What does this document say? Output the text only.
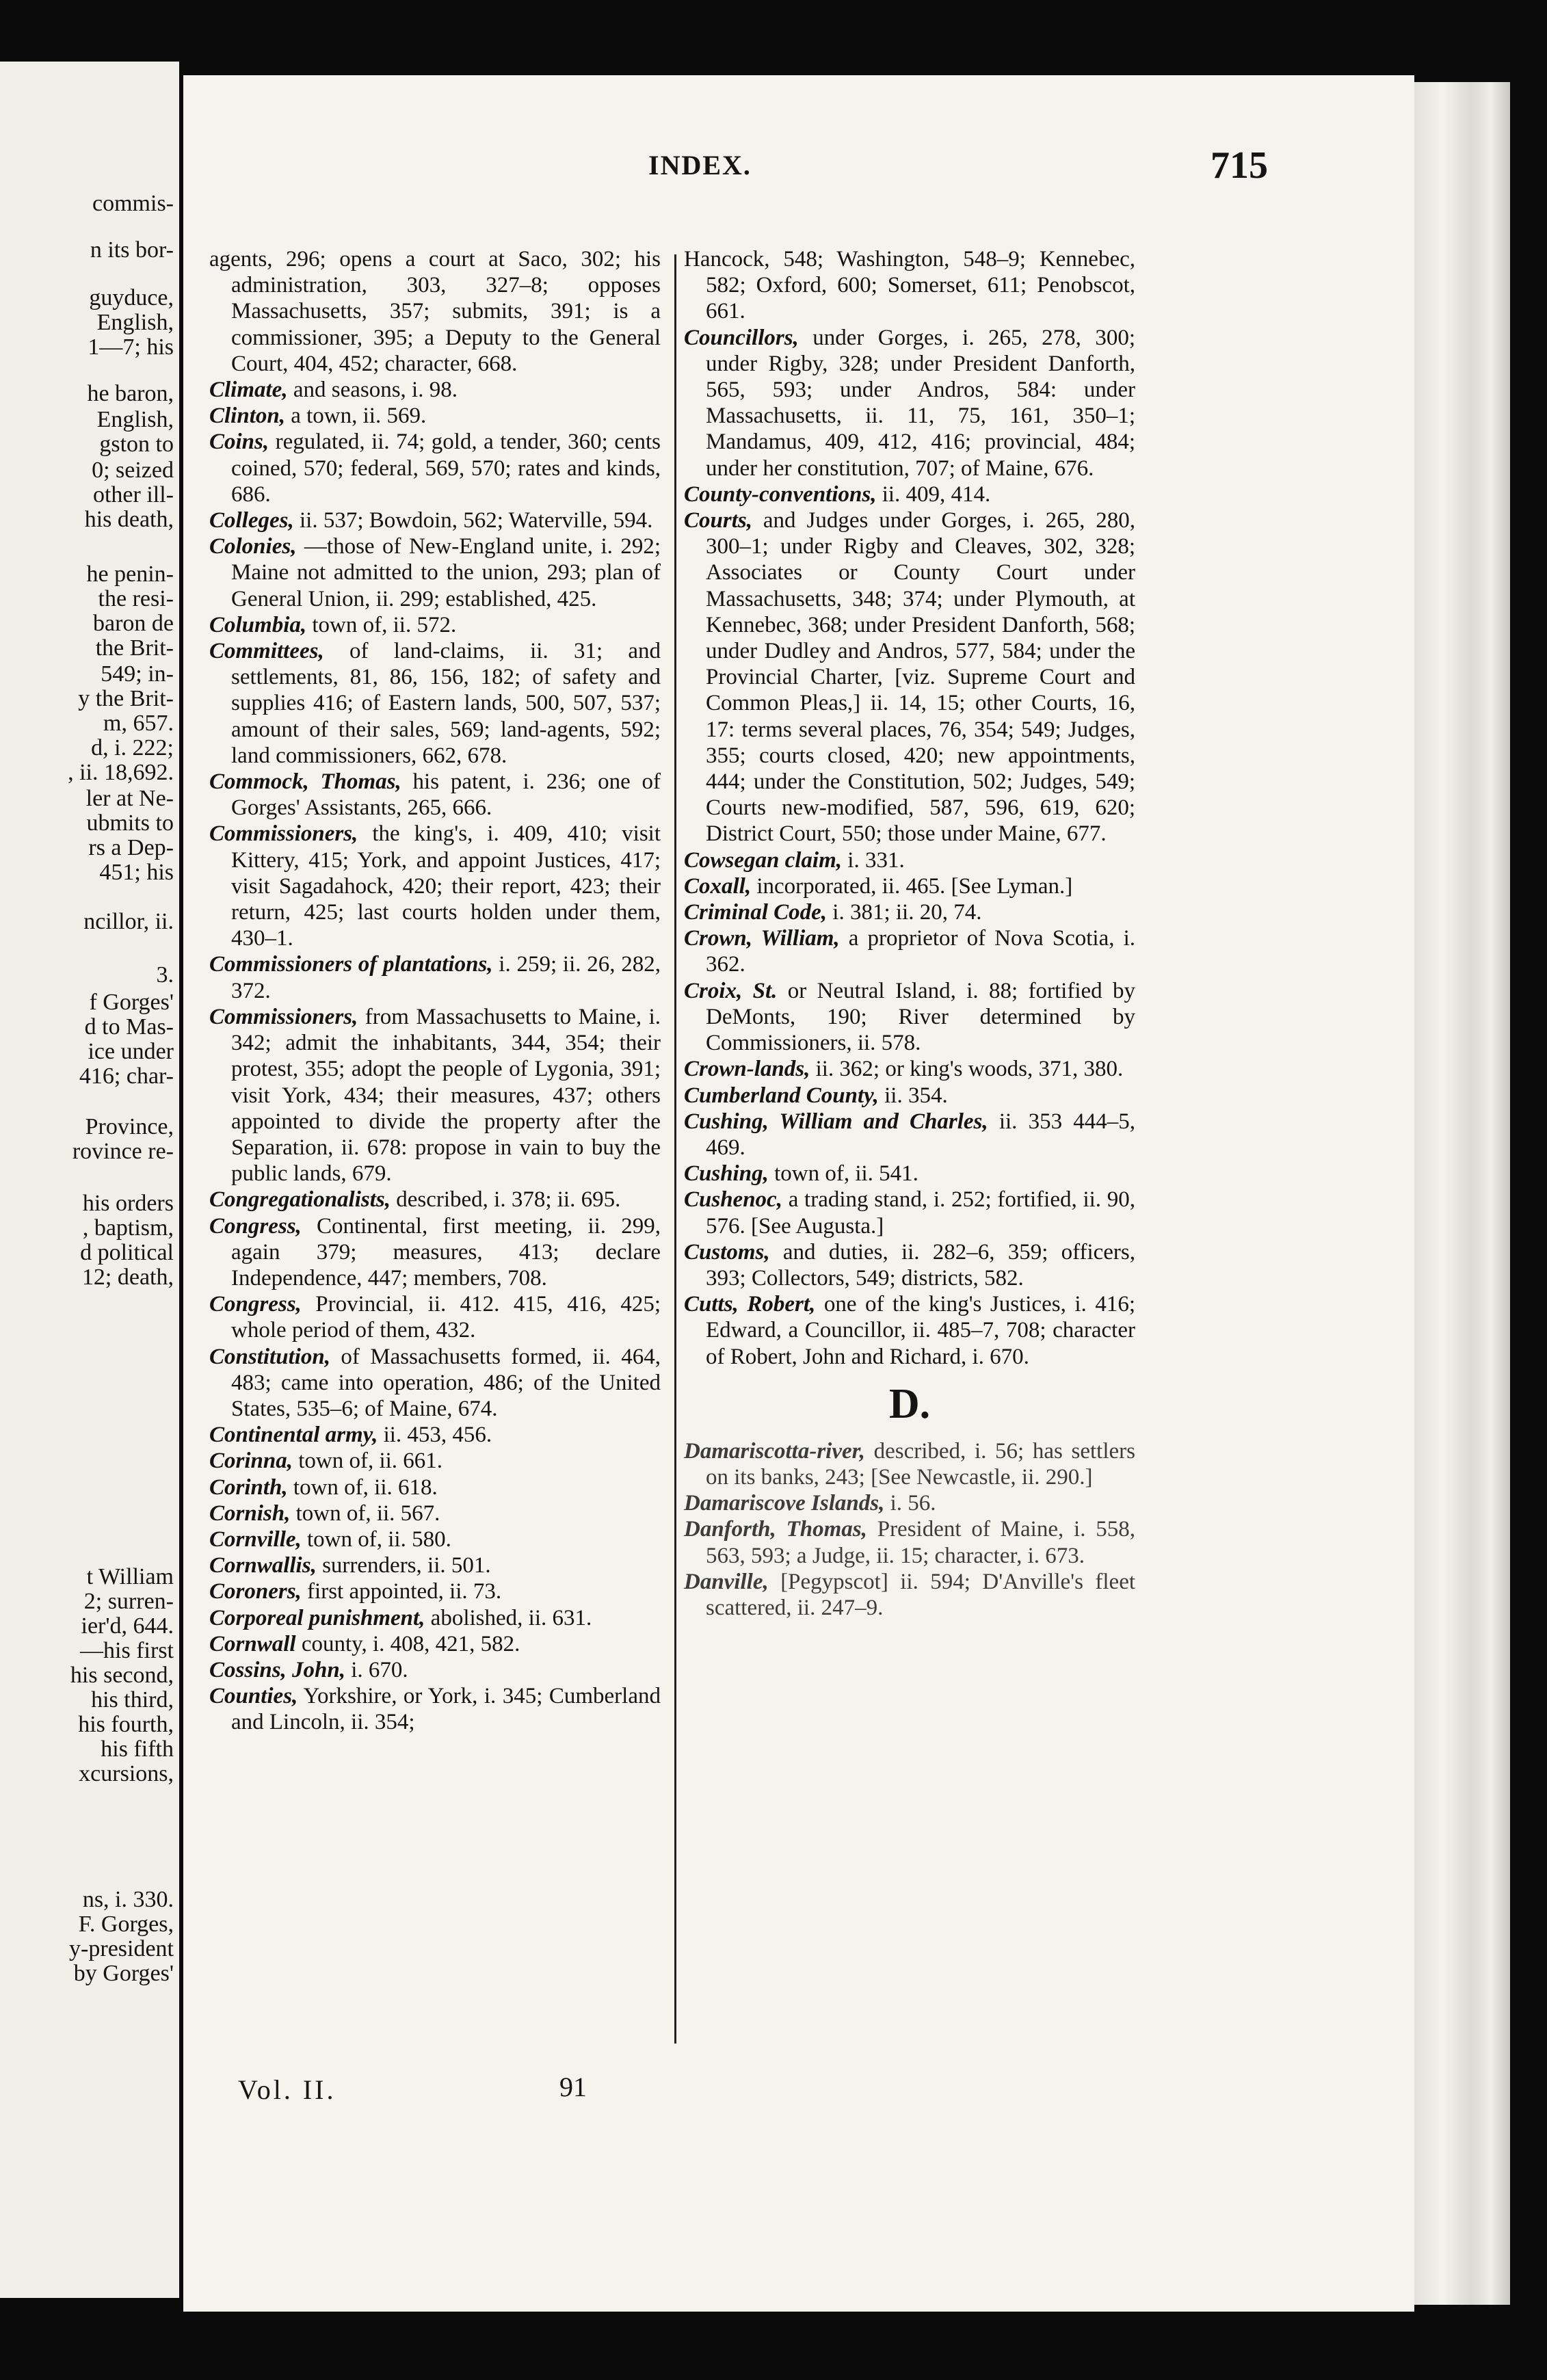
commis-
n its bor-
guyduce,
English,
1—7; his
he baron,
English,
gston to
0; seized
other ill-
his death,
he penin-
the resi-
baron de
the Brit-
549; in-
y the Brit-
m, 657.
d, i. 222;
, ii. 18,692.
ler at Ne-
ubmits to
rs a Dep-
451; his
ncillor, ii.
3.
f Gorges'
d to Mas-
ice under
416; char-
Province,
rovince re-
his orders
, baptism,
d political
12; death,
t William
2; surren-
ier'd, 644.
—his first
his second,
his third,
his fourth,
his fifth
xcursions,
ns, i. 330.
F. Gorges,
y-president
by Gorges'
INDEX.	715
agents, 296; opens a court at Saco, 302; his administration, 303, 327–8; opposes Massachusetts, 357; submits, 391; is a commissioner, 395; a Deputy to the General Court, 404, 452; character, 668.
Climate, and seasons, i. 98.
Clinton, a town, ii. 569.
Coins, regulated, ii. 74; gold, a tender, 360; cents coined, 570; federal, 569, 570; rates and kinds, 686.
Colleges, ii. 537; Bowdoin, 562; Waterville, 594.
Colonies, —those of New-England unite, i. 292; Maine not admitted to the union, 293; plan of General Union, ii. 299; established, 425.
Columbia, town of, ii. 572.
Committees, of land-claims, ii. 31; and settlements, 81, 86, 156, 182; of safety and supplies 416; of Eastern lands, 500, 507, 537; amount of their sales, 569; land-agents, 592; land commissioners, 662, 678.
Commock, Thomas, his patent, i. 236; one of Gorges' Assistants, 265, 666.
Commissioners, the king's, i. 409, 410; visit Kittery, 415; York, and appoint Justices, 417; visit Sagadahock, 420; their report, 423; their return, 425; last courts holden under them, 430–1.
Commissioners of plantations, i. 259; ii. 26, 282, 372.
Commissioners, from Massachusetts to Maine, i. 342; admit the inhabitants, 344, 354; their protest, 355; adopt the people of Lygonia, 391; visit York, 434; their measures, 437; others appointed to divide the property after the Separation, ii. 678: propose in vain to buy the public lands, 679.
Congregationalists, described, i. 378; ii. 695.
Congress, Continental, first meeting, ii. 299, again 379; measures, 413; declare Independence, 447; members, 708.
Congress, Provincial, ii. 412. 415, 416, 425; whole period of them, 432.
Constitution, of Massachusetts formed, ii. 464, 483; came into operation, 486; of the United States, 535–6; of Maine, 674.
Continental army, ii. 453, 456.
Corinna, town of, ii. 661.
Corinth, town of, ii. 618.
Cornish, town of, ii. 567.
Cornville, town of, ii. 580.
Cornwallis, surrenders, ii. 501.
Coroners, first appointed, ii. 73.
Corporeal punishment, abolished, ii. 631.
Cornwall county, i. 408, 421, 582.
Cossins, John, i. 670.
Counties, Yorkshire, or York, i. 345; Cumberland and Lincoln, ii. 354;
Hancock, 548; Washington, 548–9; Kennebec, 582; Oxford, 600; Somerset, 611; Penobscot, 661.
Councillors, under Gorges, i. 265, 278, 300; under Rigby, 328; under President Danforth, 565, 593; under Andros, 584: under Massachusetts, ii. 11, 75, 161, 350–1; Mandamus, 409, 412, 416; provincial, 484; under her constitution, 707; of Maine, 676.
County-conventions, ii. 409, 414.
Courts, and Judges under Gorges, i. 265, 280, 300–1; under Rigby and Cleaves, 302, 328; Associates or County Court under Massachusetts, 348; 374; under Plymouth, at Kennebec, 368; under President Danforth, 568; under Dudley and Andros, 577, 584; under the Provincial Charter, [viz. Supreme Court and Common Pleas,] ii. 14, 15; other Courts, 16, 17: terms several places, 76, 354; 549; Judges, 355; courts closed, 420; new appointments, 444; under the Constitution, 502; Judges, 549; Courts new-modified, 587, 596, 619, 620; District Court, 550; those under Maine, 677.
Cowsegan claim, i. 331.
Coxall, incorporated, ii. 465. [See Lyman.]
Criminal Code, i. 381; ii. 20, 74.
Crown, William, a proprietor of Nova Scotia, i. 362.
Croix, St. or Neutral Island, i. 88; fortified by DeMonts, 190; River determined by Commissioners, ii. 578.
Crown-lands, ii. 362; or king's woods, 371, 380.
Cumberland County, ii. 354.
Cushing, William and Charles, ii. 353 444–5, 469.
Cushing, town of, ii. 541.
Cushenoc, a trading stand, i. 252; fortified, ii. 90, 576. [See Augusta.]
Customs, and duties, ii. 282–6, 359; officers, 393; Collectors, 549; districts, 582.
Cutts, Robert, one of the king's Justices, i. 416; Edward, a Councillor, ii. 485–7, 708; character of Robert, John and Richard, i. 670.
D.
Damariscotta-river, described, i. 56; has settlers on its banks, 243; [See Newcastle, ii. 290.]
Damariscove Islands, i. 56.
Danforth, Thomas, President of Maine, i. 558, 563, 593; a Judge, ii. 15; character, i. 673.
Danville, [Pegypscot] ii. 594; D'Anville's fleet scattered, ii. 247–9.
Vol. II.	91
